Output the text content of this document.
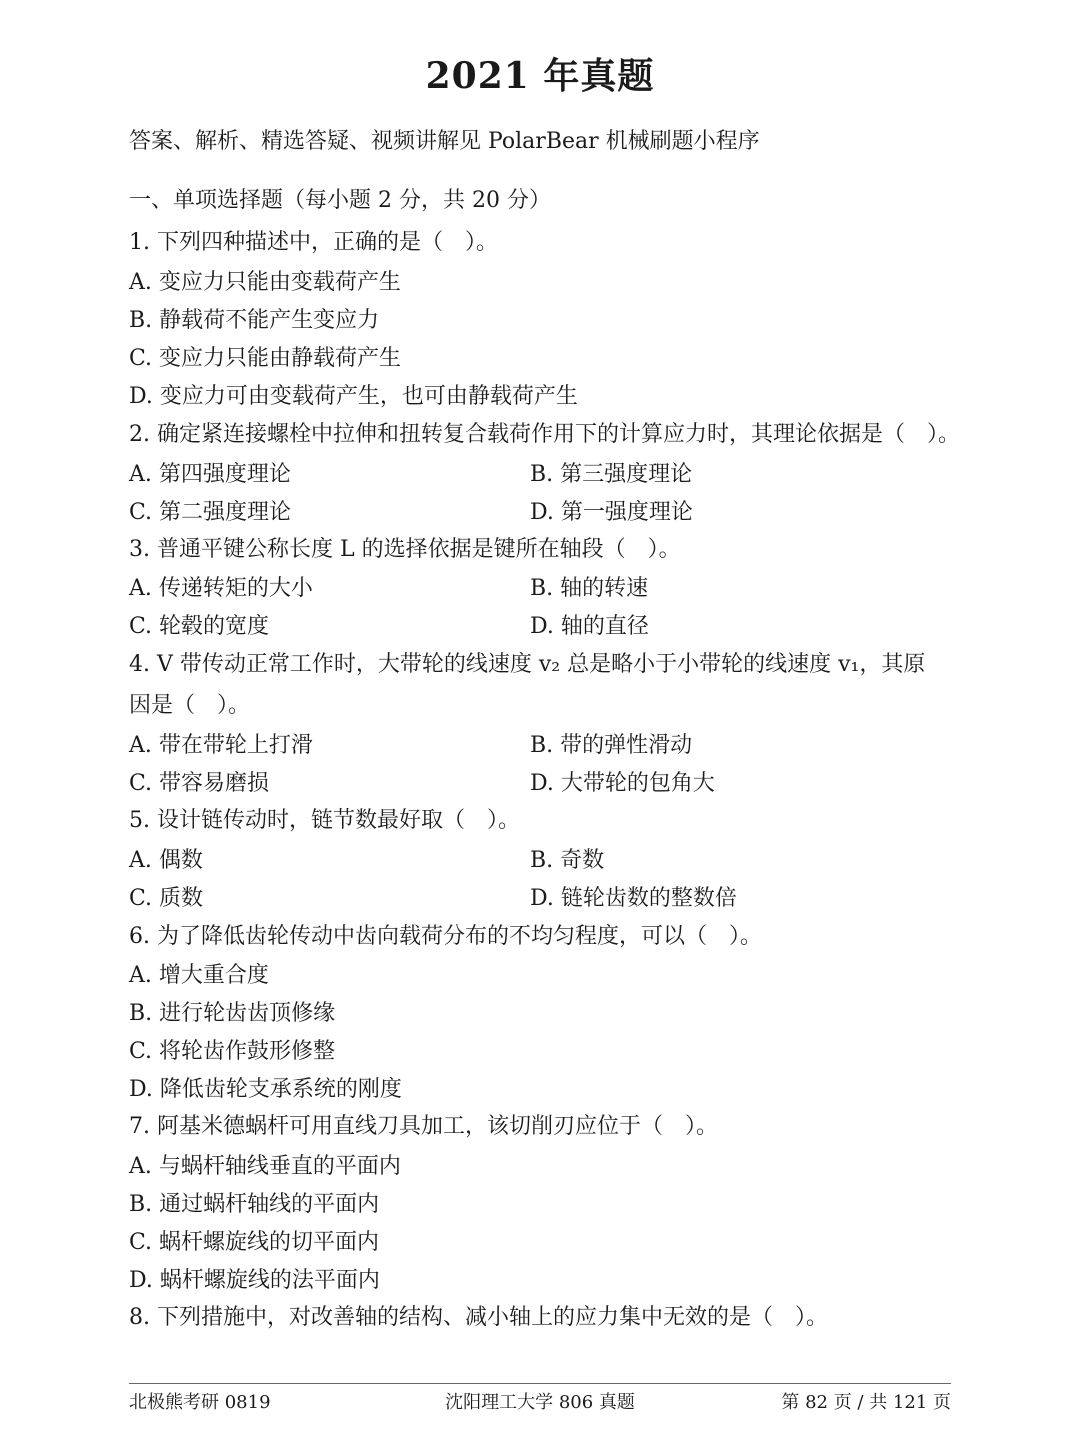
2021 年真题
答案、解析、精选答疑、视频讲解见 PolarBear 机械刷题小程序
一、单项选择题（每小题 2 分，共 20 分）
1. 下列四种描述中，正确的是（　）。
A. 变应力只能由变载荷产生
B. 静载荷不能产生变应力
C. 变应力只能由静载荷产生
D. 变应力可由变载荷产生，也可由静载荷产生
2. 确定紧连接螺栓中拉伸和扭转复合载荷作用下的计算应力时，其理论依据是（　）。
A. 第四强度理论	B. 第三强度理论
C. 第二强度理论	D. 第一强度理论
3. 普通平键公称长度 L 的选择依据是键所在轴段（　）。
A. 传递转矩的大小	B. 轴的转速
C. 轮毂的宽度	D. 轴的直径
4. V 带传动正常工作时，大带轮的线速度 v₂ 总是略小于小带轮的线速度 v₁，其原
因是（　）。
A. 带在带轮上打滑	B. 带的弹性滑动
C. 带容易磨损	D. 大带轮的包角大
5. 设计链传动时，链节数最好取（　）。
A. 偶数	B. 奇数
C. 质数	D. 链轮齿数的整数倍
6. 为了降低齿轮传动中齿向载荷分布的不均匀程度，可以（　）。
A. 增大重合度
B. 进行轮齿齿顶修缘
C. 将轮齿作鼓形修整
D. 降低齿轮支承系统的刚度
7. 阿基米德蜗杆可用直线刀具加工，该切削刃应位于（　）。
A. 与蜗杆轴线垂直的平面内
B. 通过蜗杆轴线的平面内
C. 蜗杆螺旋线的切平面内
D. 蜗杆螺旋线的法平面内
8. 下列措施中，对改善轴的结构、减小轴上的应力集中无效的是（　）。
北极熊考研 0819	沈阳理工大学 806 真题	第 82 页 / 共 121 页
